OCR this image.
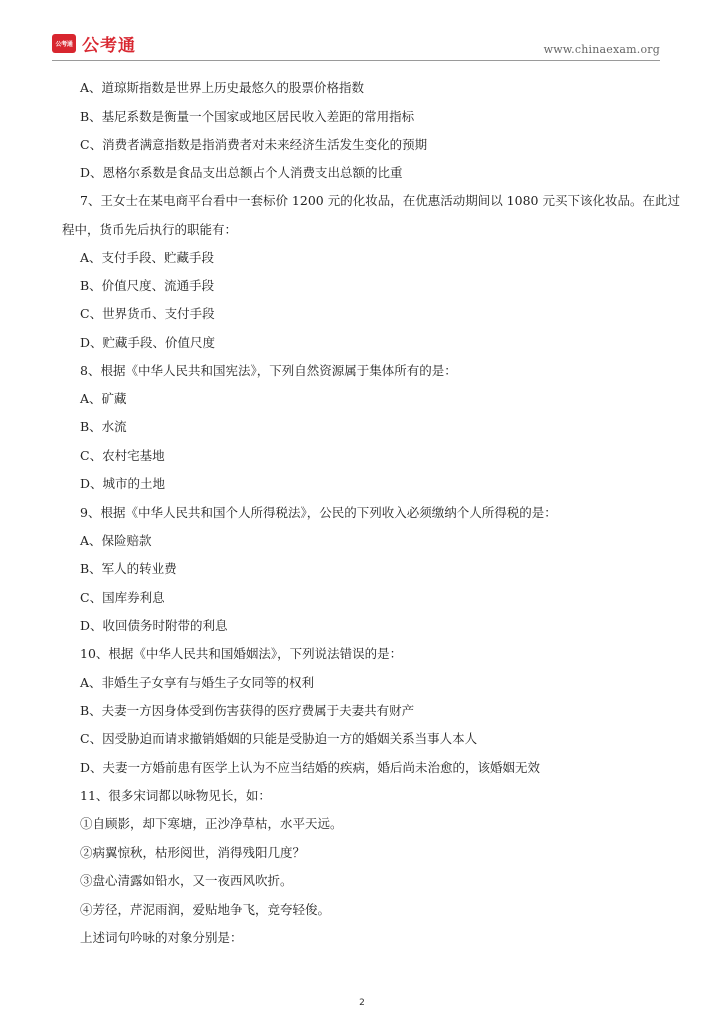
公考通 公考通	www.chinaexam.org
A、道琼斯指数是世界上历史最悠久的股票价格指数
B、基尼系数是衡量一个国家或地区居民收入差距的常用指标
C、消费者满意指数是指消费者对未来经济生活发生变化的预期
D、恩格尔系数是食品支出总额占个人消费支出总额的比重
7、王女士在某电商平台看中一套标价 1200 元的化妆品，在优惠活动期间以 1080 元买下该化妆品。在此过
程中，货币先后执行的职能有：
A、支付手段、贮藏手段
B、价值尺度、流通手段
C、世界货币、支付手段
D、贮藏手段、价值尺度
8、根据《中华人民共和国宪法》，下列自然资源属于集体所有的是：
A、矿藏
B、水流
C、农村宅基地
D、城市的土地
9、根据《中华人民共和国个人所得税法》，公民的下列收入必须缴纳个人所得税的是：
A、保险赔款
B、军人的转业费
C、国库券利息
D、收回债务时附带的利息
10、根据《中华人民共和国婚姻法》，下列说法错误的是：
A、非婚生子女享有与婚生子女同等的权利
B、夫妻一方因身体受到伤害获得的医疗费属于夫妻共有财产
C、因受胁迫而请求撤销婚姻的只能是受胁迫一方的婚姻关系当事人本人
D、夫妻一方婚前患有医学上认为不应当结婚的疾病，婚后尚未治愈的，该婚姻无效
11、很多宋词都以咏物见长，如：
①自顾影，却下寒塘，正沙净草枯，水平天远。
②病翼惊秋，枯形阅世，消得残阳几度？
③盘心清露如铅水，又一夜西风吹折。
④芳径，芹泥雨润，爱贴地争飞，竞夸轻俊。
上述词句吟咏的对象分别是：
2
